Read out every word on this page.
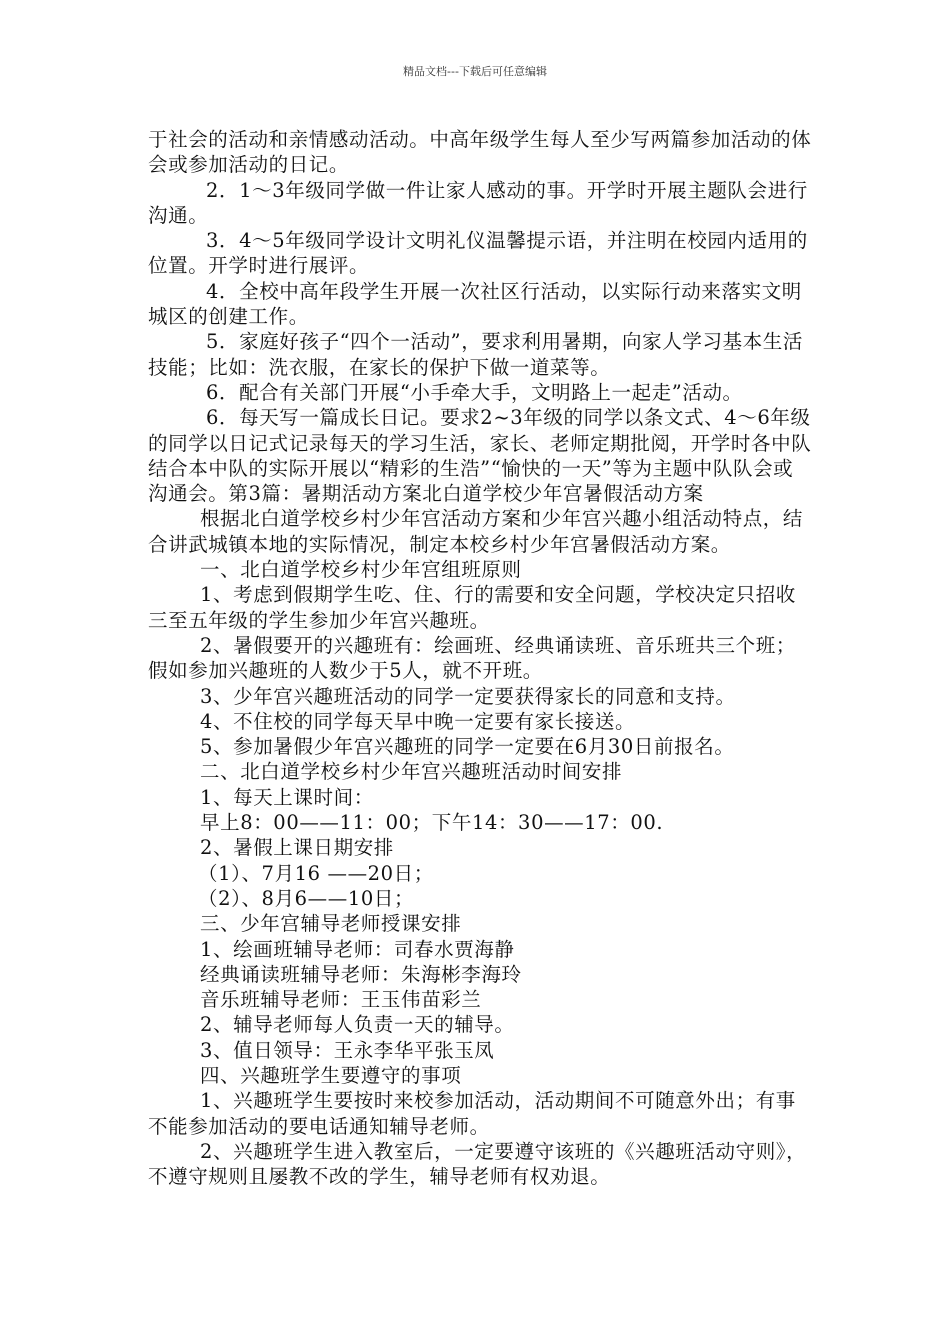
精品文档---下载后可任意编辑

于社会的活动和亲情感动活动。中高年级学生每人至少写两篇参加活动的体会或参加活动的日记。

2．1～3年级同学做一件让家人感动的事。开学时开展主题队会进行沟通。

3．4～5年级同学设计文明礼仪温馨提示语，并注明在校园内适用的位置。开学时进行展评。

4．全校中高年段学生开展一次社区行活动，以实际行动来落实文明城区的创建工作。

5．家庭好孩子“四个一活动”，要求利用暑期，向家人学习基本生活技能；比如：洗衣服，在家长的保护下做一道菜等。

6．配合有关部门开展“小手牵大手，文明路上一起走”活动。

6．每天写一篇成长日记。要求2~3年级的同学以条文式、4～6年级的同学以日记式记录每天的学习生活，家长、老师定期批阅，开学时各中队结合本中队的实际开展以“精彩的生浩”“愉快的一天”等为主题中队队会或沟通会。第3篇：暑期活动方案北白道学校少年宫暑假活动方案

根据北白道学校乡村少年宫活动方案和少年宫兴趣小组活动特点，结合讲武城镇本地的实际情况，制定本校乡村少年宫暑假活动方案。

一、北白道学校乡村少年宫组班原则

1、考虑到假期学生吃、住、行的需要和安全问题，学校决定只招收三至五年级的学生参加少年宫兴趣班。

2、暑假要开的兴趣班有：绘画班、经典诵读班、音乐班共三个班；假如参加兴趣班的人数少于5人，就不开班。

3、少年宫兴趣班活动的同学一定要获得家长的同意和支持。

4、不住校的同学每天早中晚一定要有家长接送。

5、参加暑假少年宫兴趣班的同学一定要在6月30日前报名。

二、北白道学校乡村少年宫兴趣班活动时间安排

1、每天上课时间：

早上8：00——11：00；下午14：30——17：00.

2、暑假上课日期安排

（1）、7月16 ——20日；

（2）、8月6——10日；

三、少年宫辅导老师授课安排

1、绘画班辅导老师：司春水贾海静

经典诵读班辅导老师：朱海彬李海玲

音乐班辅导老师：王玉伟苗彩兰

2、辅导老师每人负责一天的辅导。

3、值日领导：王永李华平张玉凤

四、兴趣班学生要遵守的事项

1、兴趣班学生要按时来校参加活动，活动期间不可随意外出；有事不能参加活动的要电话通知辅导老师。

2、兴趣班学生进入教室后，一定要遵守该班的《兴趣班活动守则》，不遵守规则且屡教不改的学生，辅导老师有权劝退。
